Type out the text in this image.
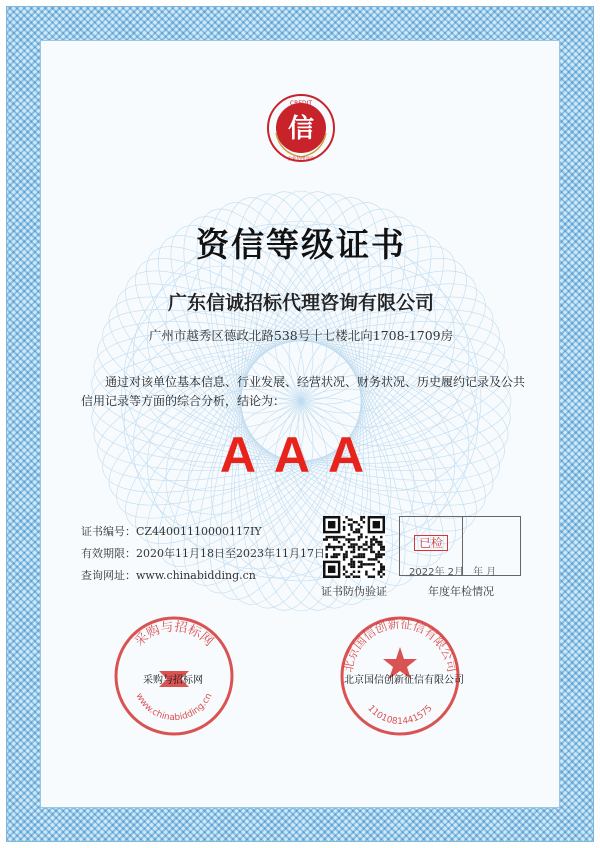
CREDIT
信
企业信用评价
资信等级证书
广东信诚招标代理咨询有限公司
广州市越秀区德政北路538号十七楼北向1708-1709房
通过对该单位基本信息、行业发展、经营状况、财务状况、历史履约记录及公共信用记录等方面的综合分析，结论为：
AAA
证书编号：CZ44001110000117IY
有效期限：2020年11月18日至2023年11月17日
查询网址：www.chinabidding.cn
证书防伪验证
已检
2022年 2月 年 月
年度年检情况
采购与招标网
www.chinabidding.cn
采购与招标网
北京国信创新征信有限公司
1101081441575
北京国信创新征信有限公司
